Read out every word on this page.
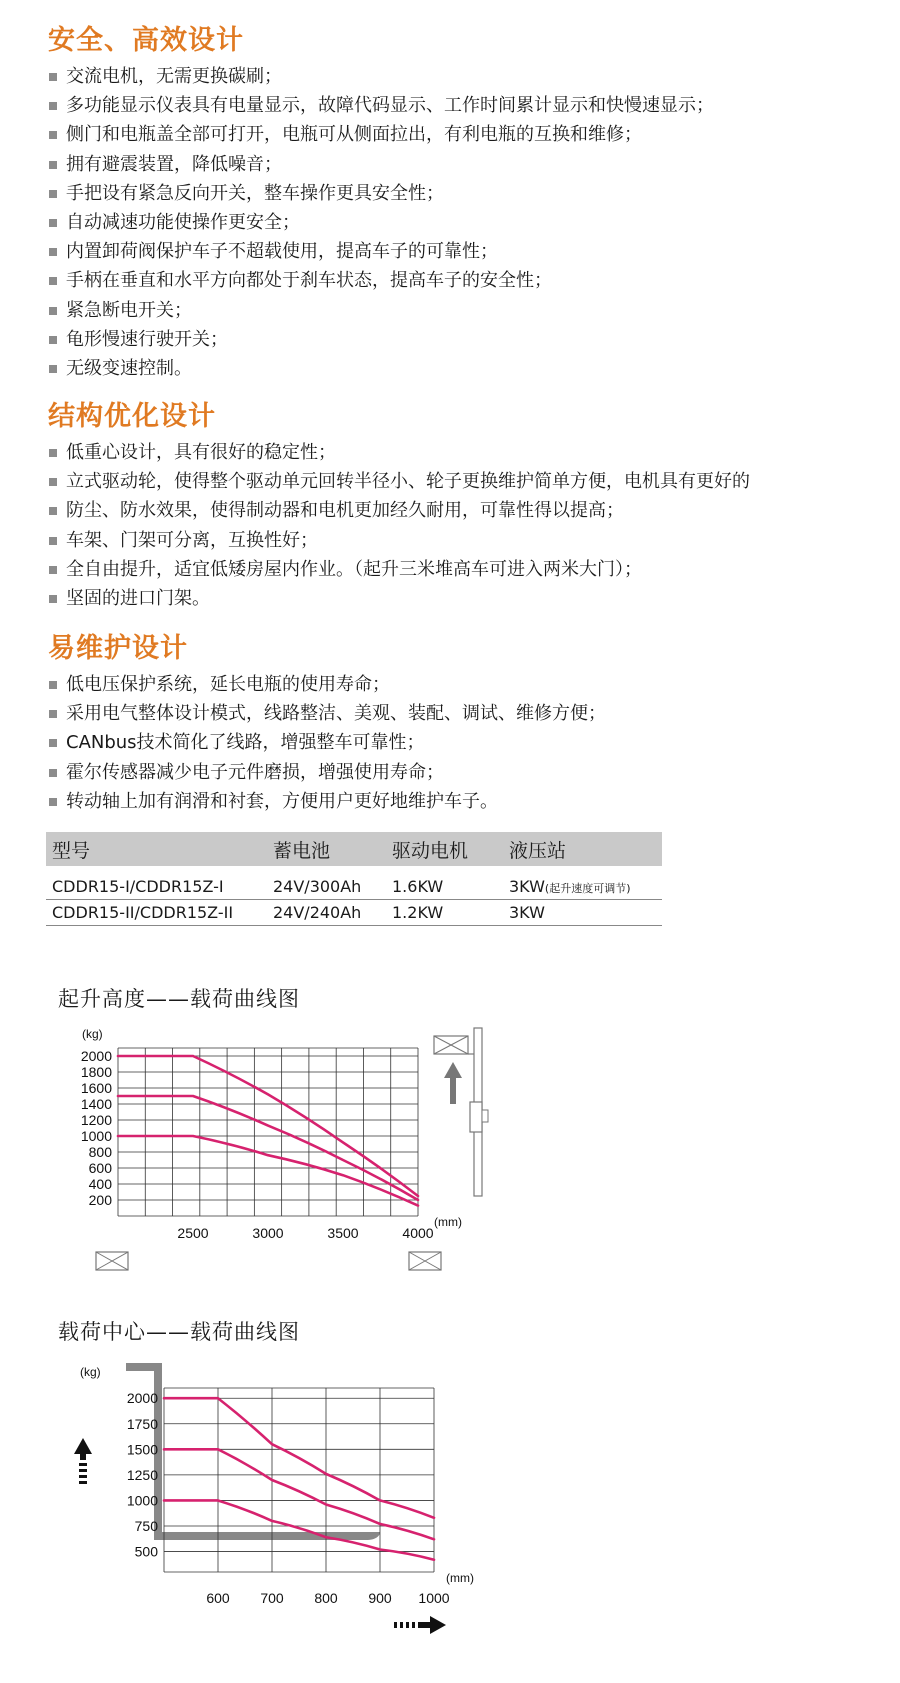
安全、高效设计
交流电机，无需更换碳刷；
多功能显示仪表具有电量显示，故障代码显示、工作时间累计显示和快慢速显示；
侧门和电瓶盖全部可打开，电瓶可从侧面拉出，有利电瓶的互换和维修；
拥有避震装置，降低噪音；
手把设有紧急反向开关，整车操作更具安全性；
自动减速功能使操作更安全；
内置卸荷阀保护车子不超载使用，提高车子的可靠性；
手柄在垂直和水平方向都处于刹车状态，提高车子的安全性；
紧急断电开关；
龟形慢速行驶开关；
无级变速控制。
结构优化设计
低重心设计，具有很好的稳定性；
立式驱动轮，使得整个驱动单元回转半径小、轮子更换维护简单方便，电机具有更好的
防尘、防水效果，使得制动器和电机更加经久耐用，可靠性得以提高；
车架、门架可分离，互换性好；
全自由提升，适宜低矮房屋内作业。（起升三米堆高车可进入两米大门）；
坚固的进口门架。
易维护设计
低电压保护系统，延长电瓶的使用寿命；
采用电气整体设计模式，线路整洁、美观、装配、调试、维修方便；
CANbus技术简化了线路，增强整车可靠性；
霍尔传感器减少电子元件磨损，增强使用寿命；
转动轴上加有润滑和衬套，方便用户更好地维护车子。
型号	蓄电池	驱动电机	液压站
CDDR15-I/CDDR15Z-I	24V/300Ah	1.6KW	3KW(起升速度可调节)
CDDR15-II/CDDR15Z-II	24V/240Ah	1.2KW	3KW
起升高度——载荷曲线图
200
400
600
800
1000
1200
1400
1600
1800
2000
2500	3000	3500	4000
(kg)
(mm)
载荷中心——载荷曲线图
500
750
1000
1250
1500
1750
2000
600 700 800 900 1000
(kg)
(mm)
